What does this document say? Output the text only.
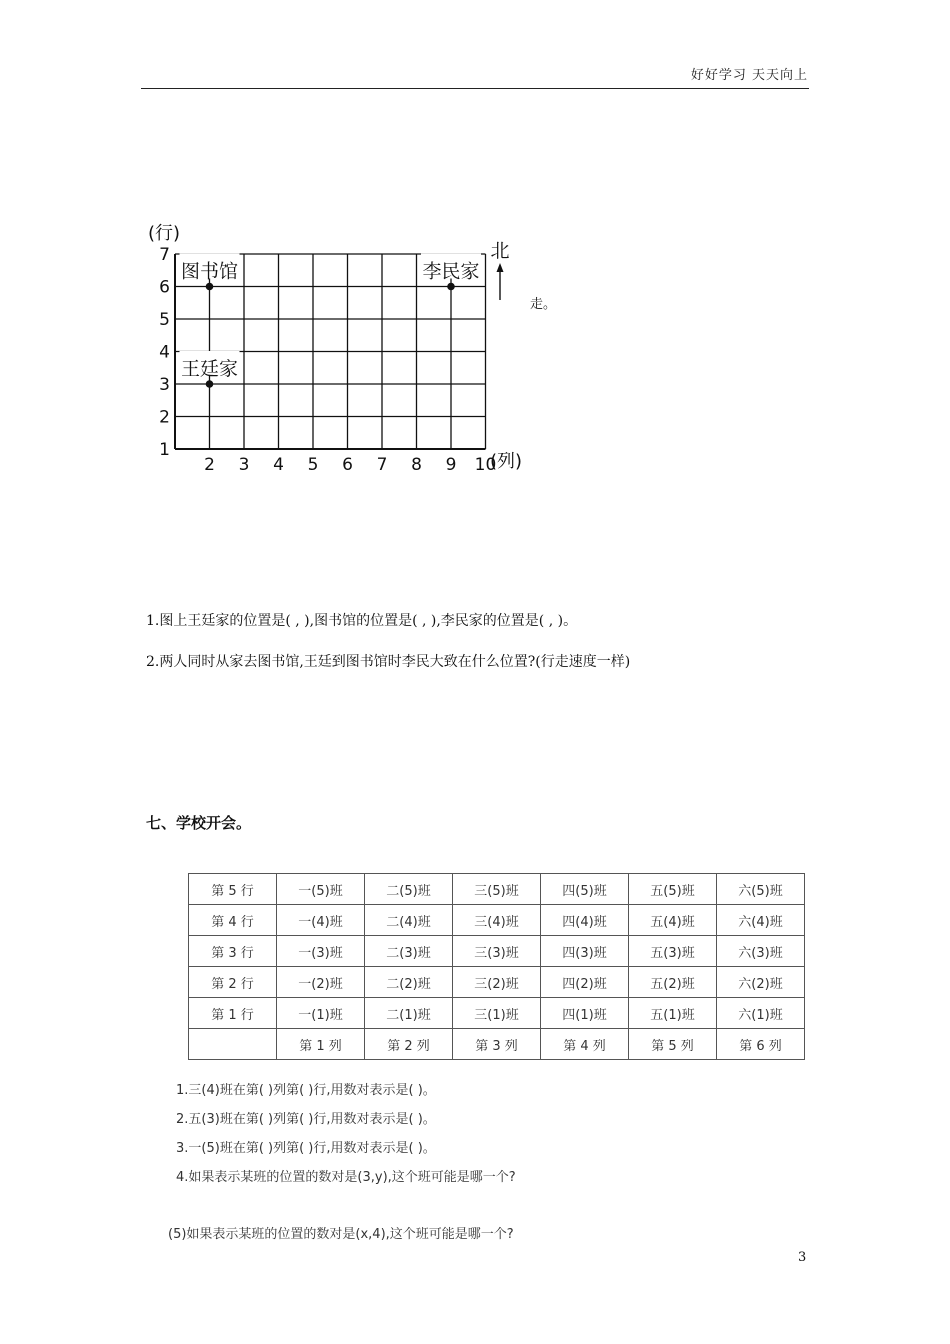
好好学习 天天向上
1
2
3
4
5
6
7
2 3 4 5 6 7 8 9 10
(行)
(列)
北
图书馆
王廷家
李民家
走。
1.图上王廷家的位置是( , ),图书馆的位置是( , ),李民家的位置是( , )。
2.两人同时从家去图书馆,王廷到图书馆时李民大致在什么位置?(行走速度一样)
七、学校开会。
第 5 行	一(5)班	二(5)班	三(5)班	四(5)班	五(5)班	六(5)班
第 4 行	一(4)班	二(4)班	三(4)班	四(4)班	五(4)班	六(4)班
第 3 行	一(3)班	二(3)班	三(3)班	四(3)班	五(3)班	六(3)班
第 2 行	一(2)班	二(2)班	三(2)班	四(2)班	五(2)班	六(2)班
第 1 行	一(1)班	二(1)班	三(1)班	四(1)班	五(1)班	六(1)班
	第 1 列	第 2 列	第 3 列	第 4 列	第 5 列	第 6 列
1.三(4)班在第( )列第( )行,用数对表示是( )。
2.五(3)班在第( )列第( )行,用数对表示是( )。
3.一(5)班在第( )列第( )行,用数对表示是( )。
4.如果表示某班的位置的数对是(3,y),这个班可能是哪一个?
(5)如果表示某班的位置的数对是(x,4),这个班可能是哪一个?
3
